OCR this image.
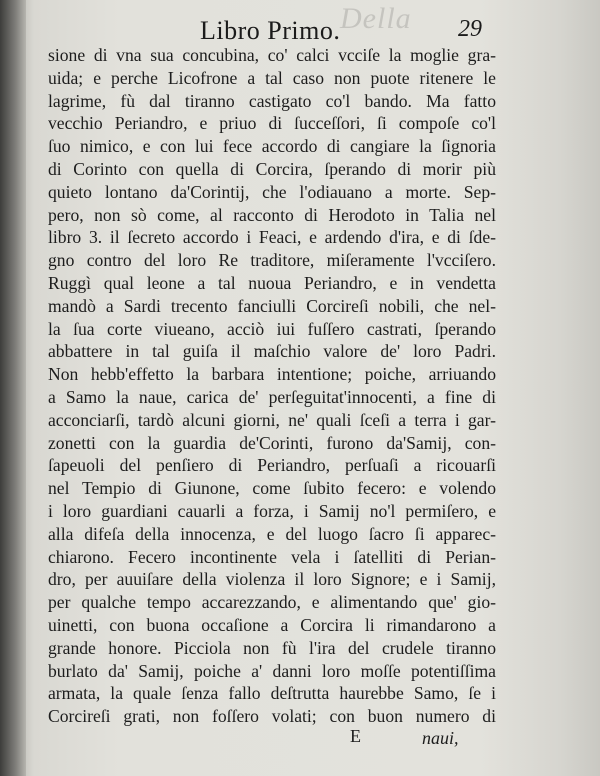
Della
Libro Primo.	29
sione di vna sua concubina, co' calci vcciſe la moglie gra-
uida; e perche Licofrone a tal caso non puote ritenere le
lagrime, fù dal tiranno castigato co'l bando. Ma fatto
vecchio Periandro, e priuo di ſucceſſori, ſi compoſe co'l
ſuo nimico, e con lui fece accordo di cangiare la ſignoria
di Corinto con quella di Corcira, ſperando di morir più
quieto lontano da'Corintij, che l'odiauano a morte. Sep-
pero, non sò come, al racconto di Herodoto in Talia nel
libro 3. il ſecreto accordo i Feaci, e ardendo d'ira, e di ſde-
gno contro del loro Re traditore, miſeramente l'vcciſero.
Ruggì qual leone a tal nuoua Periandro, e in vendetta
mandò a Sardi trecento fanciulli Corcireſi nobili, che nel-
la ſua corte viueano, acciò iui fuſſero castrati, ſperando
abbattere in tal guiſa il maſchio valore de' loro Padri.
Non hebb'effetto la barbara intentione; poiche, arriuando
a Samo la naue, carica de' perſeguitat'innocenti, a fine di
acconciarſi, tardò alcuni giorni, ne' quali ſceſi a terra i gar-
zonetti con la guardia de'Corinti, furono da'Samij, con-
ſapeuoli del penſiero di Periandro, perſuaſi a ricouarſi
nel Tempio di Giunone, come ſubito fecero: e volendo
i loro guardiani cauarli a forza, i Samij no'l permiſero, e
alla difeſa della innocenza, e del luogo ſacro ſi apparec-
chiarono. Fecero incontinente vela i ſatelliti di Perian-
dro, per auuiſare della violenza il loro Signore; e i Samij,
per qualche tempo accarezzando, e alimentando que' gio-
uinetti, con buona occaſione a Corcira li rimandarono a
grande honore. Picciola non fù l'ira del crudele tiranno
burlato da' Samij, poiche a' danni loro moſſe potentiſſima
armata, la quale ſenza fallo deſtrutta haurebbe Samo, ſe i
Corcireſi grati, non foſſero volati; con buon numero di
E	naui,
